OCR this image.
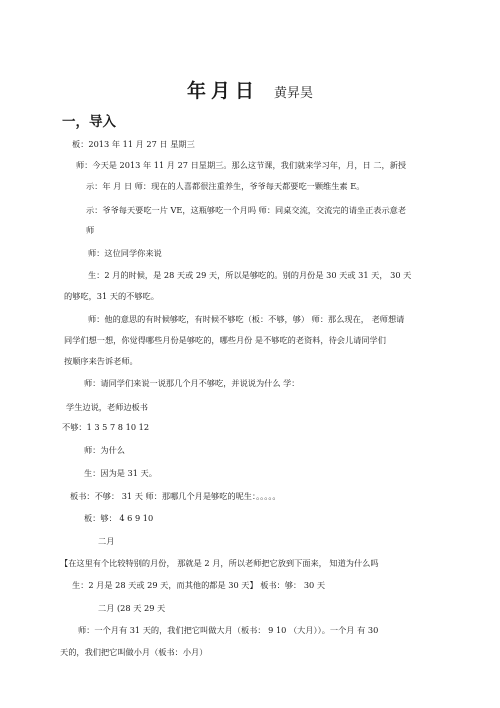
年月日 黄昇昊
一，导入
板：2013 年 11 月 27 日 星期三
师：今天是 2013 年 11 月 27 日星期三。那么这节课，我们就来学习年，月，日 二，新授
示：年 月 日 师：现在的人喜都很注重养生，爷爷每天都要吃一颗维生素 E。
示：爷爷每天要吃一片 VE，这瓶够吃一个月吗 师：同桌交流，交流完的请坐正表示意老
师
师：这位同学你来说
生：2 月的时候，是 28 天或 29 天，所以是够吃的。别的月份是 30 天或 31 天， 30 天
的够吃，31 天的不够吃。
师：他的意思的有时候够吃，有时候不够吃（板：不够，够） 师：那么现在， 老师想请
同学们想一想，你觉得哪些月份是够吃的，哪些月份 是不够吃的老资料，待会儿请同学们
按顺序来告诉老师。
师：请同学们来说一说那几个月不够吃，并说说为什么 学：
学生边说，老师边板书
不够：1 3 5 7 8 10 12
师：为什么
生：因为是 31 天。
板书：不够： 31 天 师：那哪几个月是够吃的呢生：。。。。。
板：够： 4 6 9 10
二月
【在这里有个比较特别的月份， 那就是 2 月，所以老师把它放到下面来， 知道为什么吗
生：2 月是 28 天或 29 天，而其他的都是 30 天】 板书：够： 30 天
二月 (28 天 29 天
师：一个月有 31 天的，我们把它叫做大月（板书： 9 10 （大月））。一个月 有 30
天的，我们把它叫做小月（板书：小月）
